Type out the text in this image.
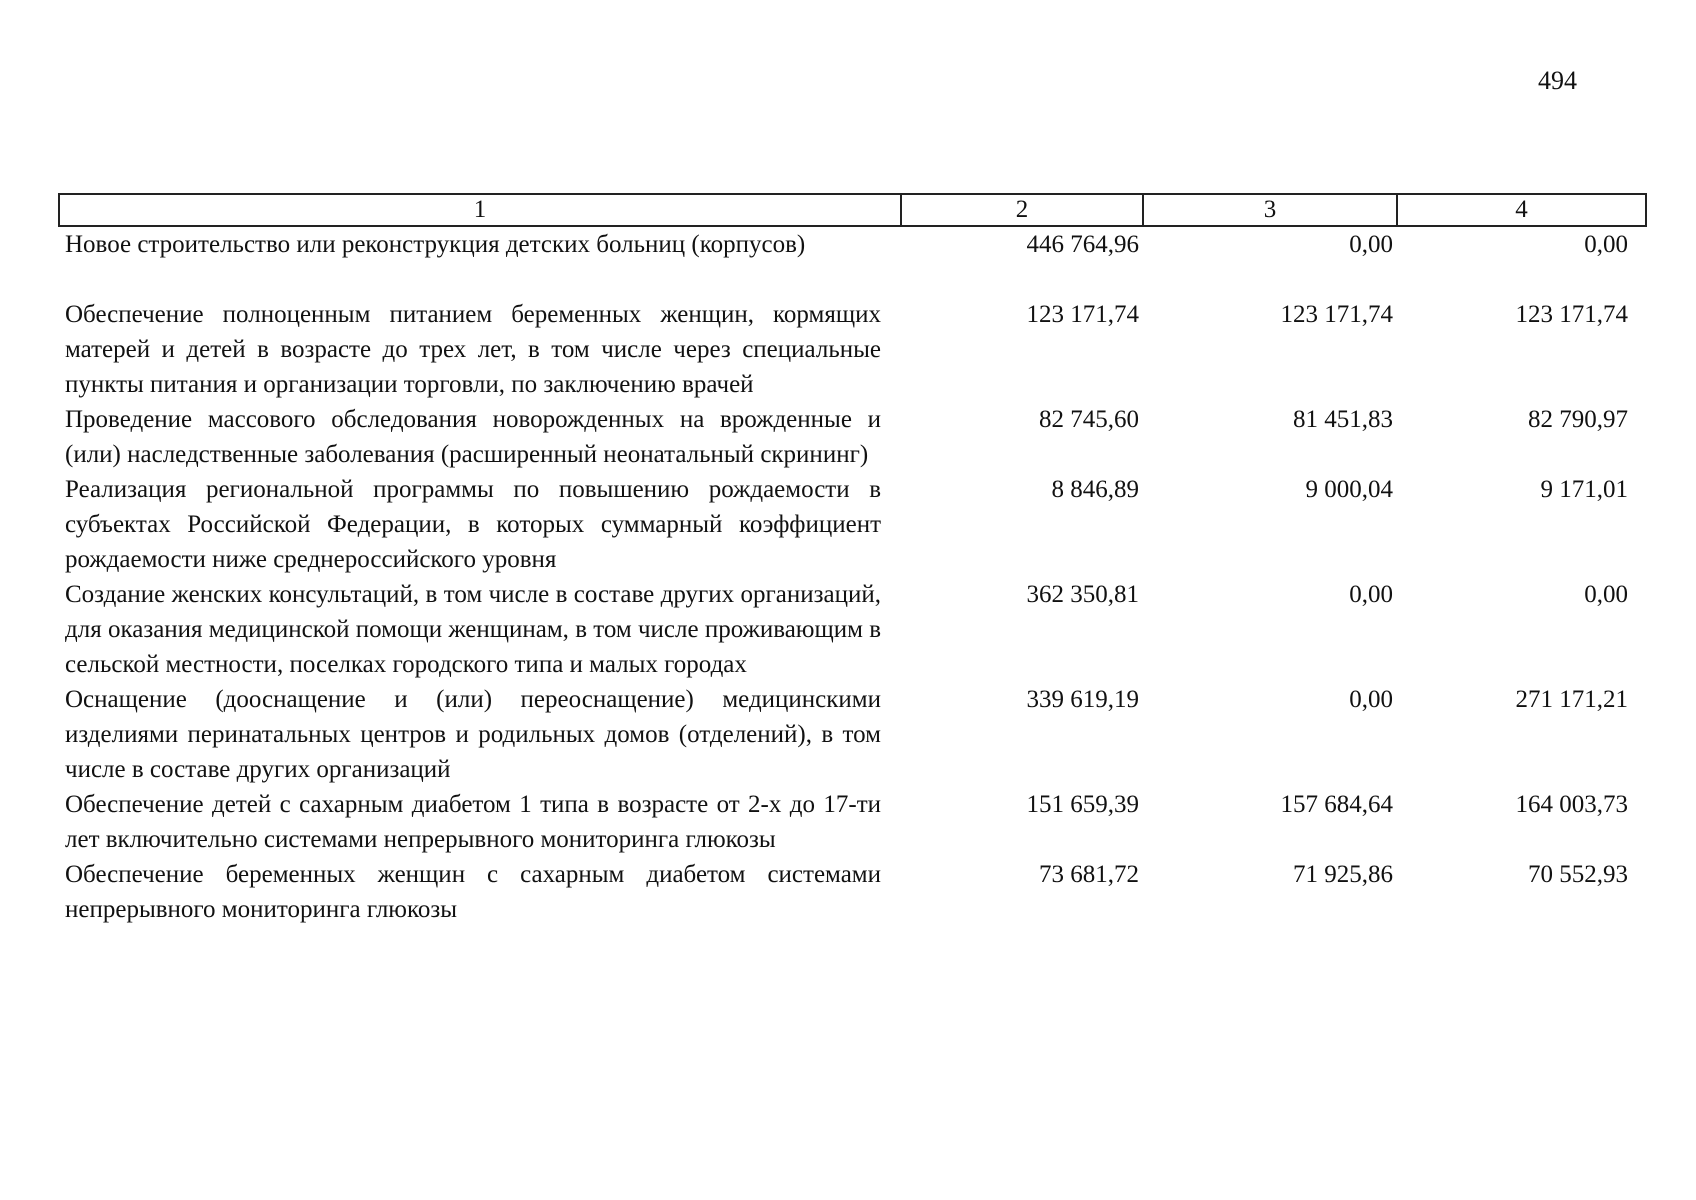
494
1	2	3	4
Новое строительство или реконструкция детских больниц (корпусов)	446 764,96	0,00	0,00
Обеспечение полноценным питанием беременных женщин, кормящих матерей и детей в возрасте до трех лет, в том числе через специальные пункты питания и организации торговли, по заключению врачей	123 171,74	123 171,74	123 171,74
Проведение массового обследования новорожденных на врожденные и (или) наследственные заболевания (расширенный неонатальный скрининг)	82 745,60	81 451,83	82 790,97
Реализация региональной программы по повышению рождаемости в субъектах Российской Федерации, в которых суммарный коэффициент рождаемости ниже среднероссийского уровня	8 846,89	9 000,04	9 171,01
Создание женских консультаций, в том числе в составе других организаций, для оказания медицинской помощи женщинам, в том числе проживающим в сельской местности, поселках городского типа и малых городах	362 350,81	0,00	0,00
Оснащение (дооснащение и (или) переоснащение) медицинскими изделиями перинатальных центров и родильных домов (отделений), в том числе в составе других организаций	339 619,19	0,00	271 171,21
Обеспечение детей с сахарным диабетом 1 типа в возрасте от 2-х до 17-ти лет включительно системами непрерывного мониторинга глюкозы	151 659,39	157 684,64	164 003,73
Обеспечение беременных женщин с сахарным диабетом системами непрерывного мониторинга глюкозы	73 681,72	71 925,86	70 552,93
